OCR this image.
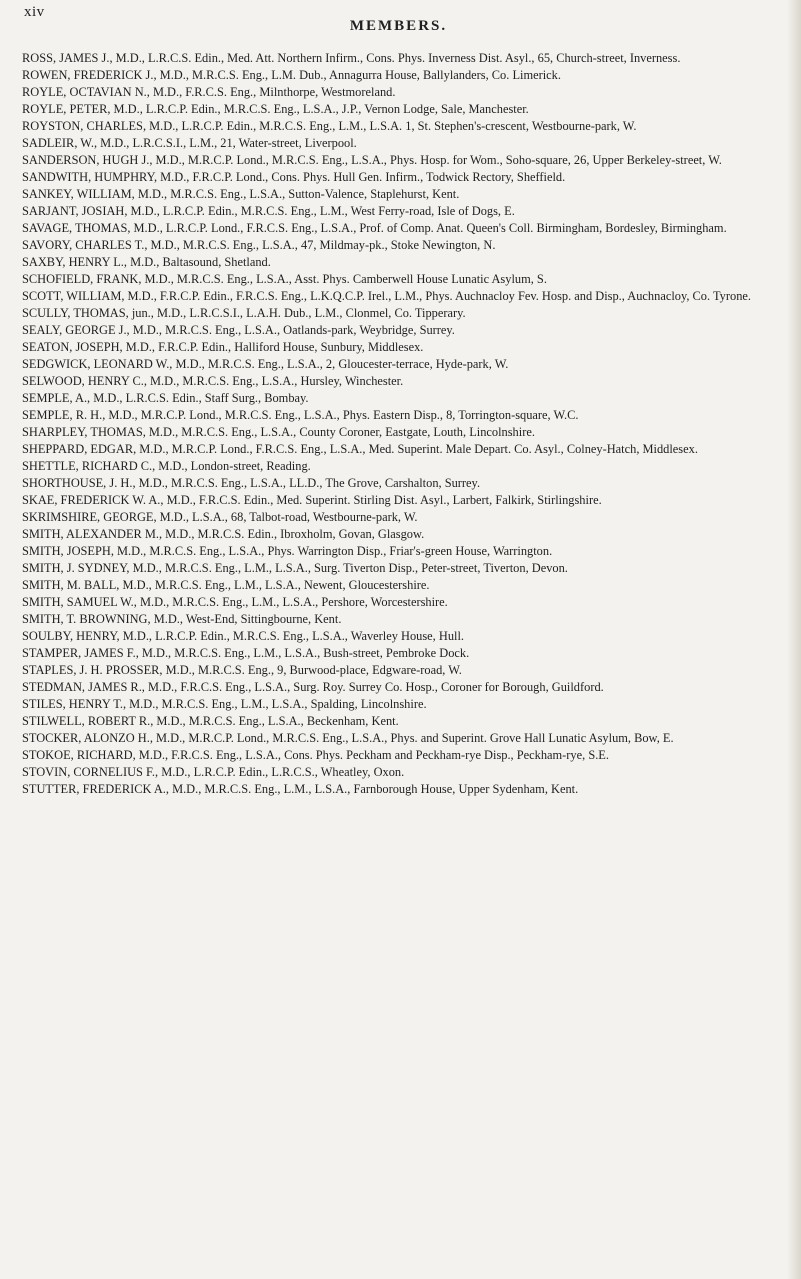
xiv
MEMBERS.

ROSS, JAMES J., M.D., L.R.C.S. Edin., Med. Att. Northern Infirm., Cons. Phys. Inverness Dist. Asyl., 65, Church-street, Inverness.

ROWEN, FREDERICK J., M.D., M.R.C.S. Eng., L.M. Dub., Annagurra House, Ballylanders, Co. Limerick.

ROYLE, OCTAVIAN N., M.D., F.R.C.S. Eng., Milnthorpe, Westmoreland.

ROYLE, PETER, M.D., L.R.C.P. Edin., M.R.C.S. Eng., L.S.A., J.P., Vernon Lodge, Sale, Manchester.

ROYSTON, CHARLES, M.D., L.R.C.P. Edin., M.R.C.S. Eng., L.M., L.S.A. 1, St. Stephen's-crescent, Westbourne-park, W.

SADLEIR, W., M.D., L.R.C.S.I., L.M., 21, Water-street, Liverpool.

SANDERSON, HUGH J., M.D., M.R.C.P. Lond., M.R.C.S. Eng., L.S.A., Phys. Hosp. for Wom., Soho-square, 26, Upper Berkeley-street, W.

SANDWITH, HUMPHRY, M.D., F.R.C.P. Lond., Cons. Phys. Hull Gen. Infirm., Todwick Rectory, Sheffield.

SANKEY, WILLIAM, M.D., M.R.C.S. Eng., L.S.A., Sutton-Valence, Staplehurst, Kent.

SARJANT, JOSIAH, M.D., L.R.C.P. Edin., M.R.C.S. Eng., L.M., West Ferry-road, Isle of Dogs, E.

SAVAGE, THOMAS, M.D., L.R.C.P. Lond., F.R.C.S. Eng., L.S.A., Prof. of Comp. Anat. Queen's Coll. Birmingham, Bordesley, Birmingham.

SAVORY, CHARLES T., M.D., M.R.C.S. Eng., L.S.A., 47, Mildmay-pk., Stoke Newington, N.

SAXBY, HENRY L., M.D., Baltasound, Shetland.

SCHOFIELD, FRANK, M.D., M.R.C.S. Eng., L.S.A., Asst. Phys. Camberwell House Lunatic Asylum, S.

SCOTT, WILLIAM, M.D., F.R.C.P. Edin., F.R.C.S. Eng., L.K.Q.C.P. Irel., L.M., Phys. Auchnacloy Fev. Hosp. and Disp., Auchnacloy, Co. Tyrone.

SCULLY, THOMAS, jun., M.D., L.R.C.S.I., L.A.H. Dub., L.M., Clonmel, Co. Tipperary.

SEALY, GEORGE J., M.D., M.R.C.S. Eng., L.S.A., Oatlands-park, Weybridge, Surrey.

SEATON, JOSEPH, M.D., F.R.C.P. Edin., Halliford House, Sunbury, Middlesex.

SEDGWICK, LEONARD W., M.D., M.R.C.S. Eng., L.S.A., 2, Gloucester-terrace, Hyde-park, W.

SELWOOD, HENRY C., M.D., M.R.C.S. Eng., L.S.A., Hursley, Winchester.

SEMPLE, A., M.D., L.R.C.S. Edin., Staff Surg., Bombay.

SEMPLE, R. H., M.D., M.R.C.P. Lond., M.R.C.S. Eng., L.S.A., Phys. Eastern Disp., 8, Torrington-square, W.C.

SHARPLEY, THOMAS, M.D., M.R.C.S. Eng., L.S.A., County Coroner, Eastgate, Louth, Lincolnshire.

SHEPPARD, EDGAR, M.D., M.R.C.P. Lond., F.R.C.S. Eng., L.S.A., Med. Superint. Male Depart. Co. Asyl., Colney-Hatch, Middlesex.

SHETTLE, RICHARD C., M.D., London-street, Reading.

SHORTHOUSE, J. H., M.D., M.R.C.S. Eng., L.S.A., LL.D., The Grove, Carshalton, Surrey.

SKAE, FREDERICK W. A., M.D., F.R.C.S. Edin., Med. Superint. Stirling Dist. Asyl., Larbert, Falkirk, Stirlingshire.

SKRIMSHIRE, GEORGE, M.D., L.S.A., 68, Talbot-road, Westbourne-park, W.

SMITH, ALEXANDER M., M.D., M.R.C.S. Edin., Ibroxholm, Govan, Glasgow.

SMITH, JOSEPH, M.D., M.R.C.S. Eng., L.S.A., Phys. Warrington Disp., Friar's-green House, Warrington.

SMITH, J. SYDNEY, M.D., M.R.C.S. Eng., L.M., L.S.A., Surg. Tiverton Disp., Peter-street, Tiverton, Devon.

SMITH, M. BALL, M.D., M.R.C.S. Eng., L.M., L.S.A., Newent, Gloucestershire.

SMITH, SAMUEL W., M.D., M.R.C.S. Eng., L.M., L.S.A., Pershore, Worcestershire.

SMITH, T. BROWNING, M.D., West-End, Sittingbourne, Kent.

SOULBY, HENRY, M.D., L.R.C.P. Edin., M.R.C.S. Eng., L.S.A., Waverley House, Hull.

STAMPER, JAMES F., M.D., M.R.C.S. Eng., L.M., L.S.A., Bush-street, Pembroke Dock.

STAPLES, J. H. PROSSER, M.D., M.R.C.S. Eng., 9, Burwood-place, Edgware-road, W.

STEDMAN, JAMES R., M.D., F.R.C.S. Eng., L.S.A., Surg. Roy. Surrey Co. Hosp., Coroner for Borough, Guildford.

STILES, HENRY T., M.D., M.R.C.S. Eng., L.M., L.S.A., Spalding, Lincolnshire.

STILWELL, ROBERT R., M.D., M.R.C.S. Eng., L.S.A., Beckenham, Kent.

STOCKER, ALONZO H., M.D., M.R.C.P. Lond., M.R.C.S. Eng., L.S.A., Phys. and Superint. Grove Hall Lunatic Asylum, Bow, E.

STOKOE, RICHARD, M.D., F.R.C.S. Eng., L.S.A., Cons. Phys. Peckham and Peckham-rye Disp., Peckham-rye, S.E.

STOVIN, CORNELIUS F., M.D., L.R.C.P. Edin., L.R.C.S., Wheatley, Oxon.

STUTTER, FREDERICK A., M.D., M.R.C.S. Eng., L.M., L.S.A., Farnborough House, Upper Sydenham, Kent.
